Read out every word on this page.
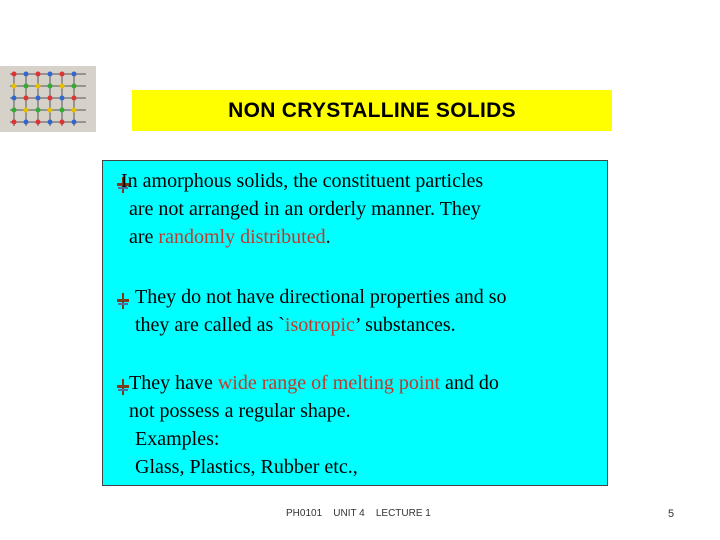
NON CRYSTALLINE SOLIDS
In amorphous solids, the constituent particles
are not arranged in an orderly manner. They
are randomly distributed.
They do not have directional properties and so
they are called as `isotropic’ substances.
They have wide range of melting point and do
not possess a regular shape.
Examples:
Glass, Plastics, Rubber etc.,
PH0101    UNIT 4    LECTURE 1	5
